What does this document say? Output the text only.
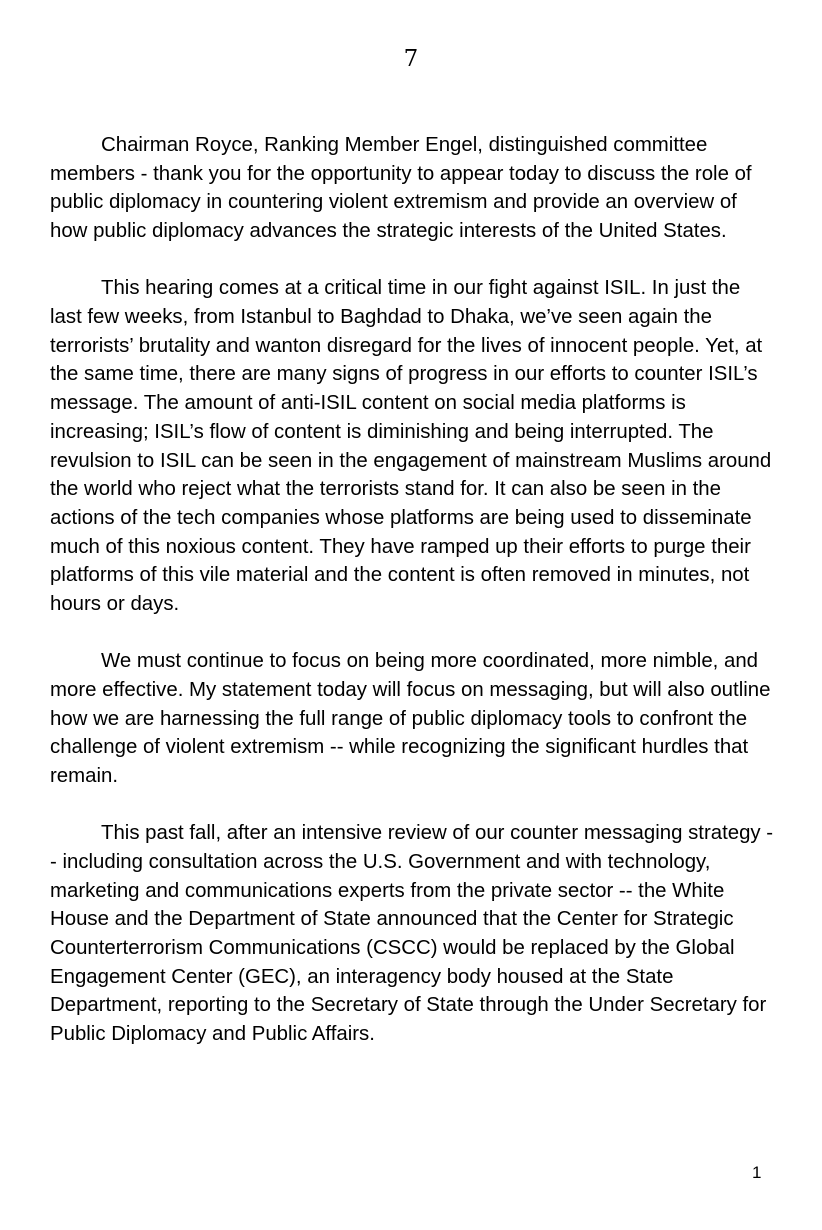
7

Chairman Royce, Ranking Member Engel, distinguished committee members - thank you for the opportunity to appear today to discuss the role of public diplomacy in countering violent extremism and provide an overview of how public diplomacy advances the strategic interests of the United States.

This hearing comes at a critical time in our fight against ISIL. In just the last few weeks, from Istanbul to Baghdad to Dhaka, we’ve seen again the terrorists’ brutality and wanton disregard for the lives of innocent people. Yet, at the same time, there are many signs of progress in our efforts to counter ISIL’s message. The amount of anti-ISIL content on social media platforms is increasing; ISIL’s flow of content is diminishing and being interrupted. The revulsion to ISIL can be seen in the engagement of mainstream Muslims around the world who reject what the terrorists stand for. It can also be seen in the actions of the tech companies whose platforms are being used to disseminate much of this noxious content. They have ramped up their efforts to purge their platforms of this vile material and the content is often removed in minutes, not hours or days.

We must continue to focus on being more coordinated, more nimble, and more effective. My statement today will focus on messaging, but will also outline how we are harnessing the full range of public diplomacy tools to confront the challenge of violent extremism -- while recognizing the significant hurdles that remain.

This past fall, after an intensive review of our counter messaging strategy -- including consultation across the U.S. Government and with technology, marketing and communications experts from the private sector -- the White House and the Department of State announced that the Center for Strategic Counterterrorism Communications (CSCC) would be replaced by the Global Engagement Center (GEC), an interagency body housed at the State Department, reporting to the Secretary of State through the Under Secretary for Public Diplomacy and Public Affairs.

1
